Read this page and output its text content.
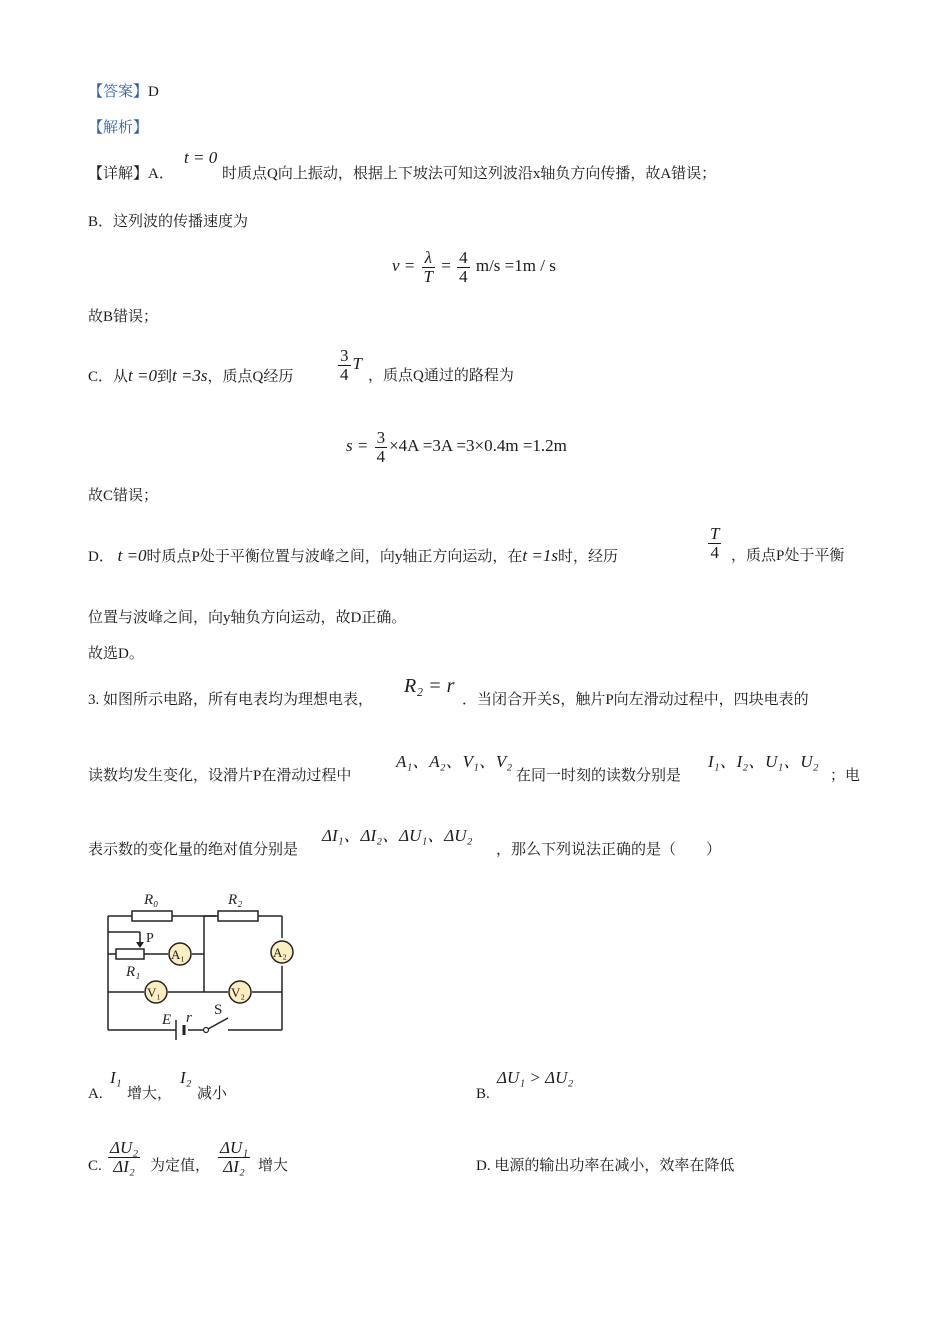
【答案】D
【解析】
【详解】A．
t = 0
时质点Q向上振动，根据上下坡法可知这列波沿x轴负方向传播，故A错误；
B．这列波的传播速度为
$v = \frac{\lambda}{T} = \frac{4}{4} m/s =1m / s$
故B错误；
C．从t =0到t =3s，质点Q经历	$\frac{3}{4}$ T
，质点Q通过的路程为
$s = \frac{3}{4} \times 4A =3A =3\times 0.4m =1.2m$
故C错误；
D． t =0时质点P处于平衡位置与波峰之间，向y轴正方向运动，在t =1s时，经历	$\frac{T}{4}$ ，质点P处于平衡
位置与波峰之间，向y轴负方向运动，故D正确。
故选D。
3. 如图所示电路，所有电表均为理想电表，
R₂ = r
．当闭合开关S，触片P向左滑动过程中，四块电表的
读数均发生变化，设滑片P在滑动过程中
A₁、A₂、V₁、V₂
在同一时刻的读数分别是
I₁、I₂、U₁、U₂
；电
表示数的变化量的绝对值分别是
ΔI₁、ΔI₂、ΔU₁、ΔU₂
，那么下列说法正确的是（　　）
R₀	R₂
P
R₁
A₁	A₂
V₁	V₂
E r S
A.
I₁
增大，
I₂
减小	B.
ΔU₁ > ΔU₂
C. $\frac{\text{ΔU₂}}{\text{ΔI₂}}$ 为定值， $\frac{\text{ΔU₁}}{\text{ΔI₂}}$ 增大	D. 电源的输出功率在减小，效率在降低
